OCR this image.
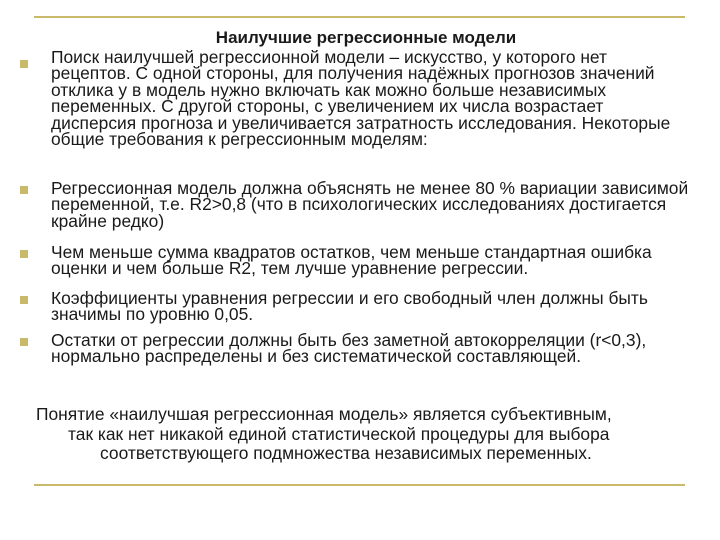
Наилучшие регрессионные модели
Поиск наилучшей регрессионной модели – искусство, у которого нет рецептов. С одной стороны, для получения надёжных прогнозов значений отклика y в модель нужно включать как можно больше независимых переменных. С другой стороны, с увеличением их числа возрастает дисперсия прогноза и увеличивается затратность исследования. Некоторые общие требования к регрессионным моделям:
Регрессионная модель должна объяснять не менее 80 % вариации зависимой переменной, т.е. R2>0,8 (что в психологических исследованиях достигается крайне редко)
Чем меньше сумма квадратов остатков, чем меньше стандартная ошибка оценки и чем больше R2, тем лучше уравнение регрессии.
Коэффициенты уравнения регрессии и его свободный член должны быть значимы по уровню 0,05.
Остатки от регрессии должны быть без заметной автокорреляции (r<0,3), нормально распределены и без систематической составляющей.
Понятие «наилучшая регрессионная модель» является субъективным,
так как нет никакой единой статистической процедуры для выбора
соответствующего подмножества независимых переменных.
